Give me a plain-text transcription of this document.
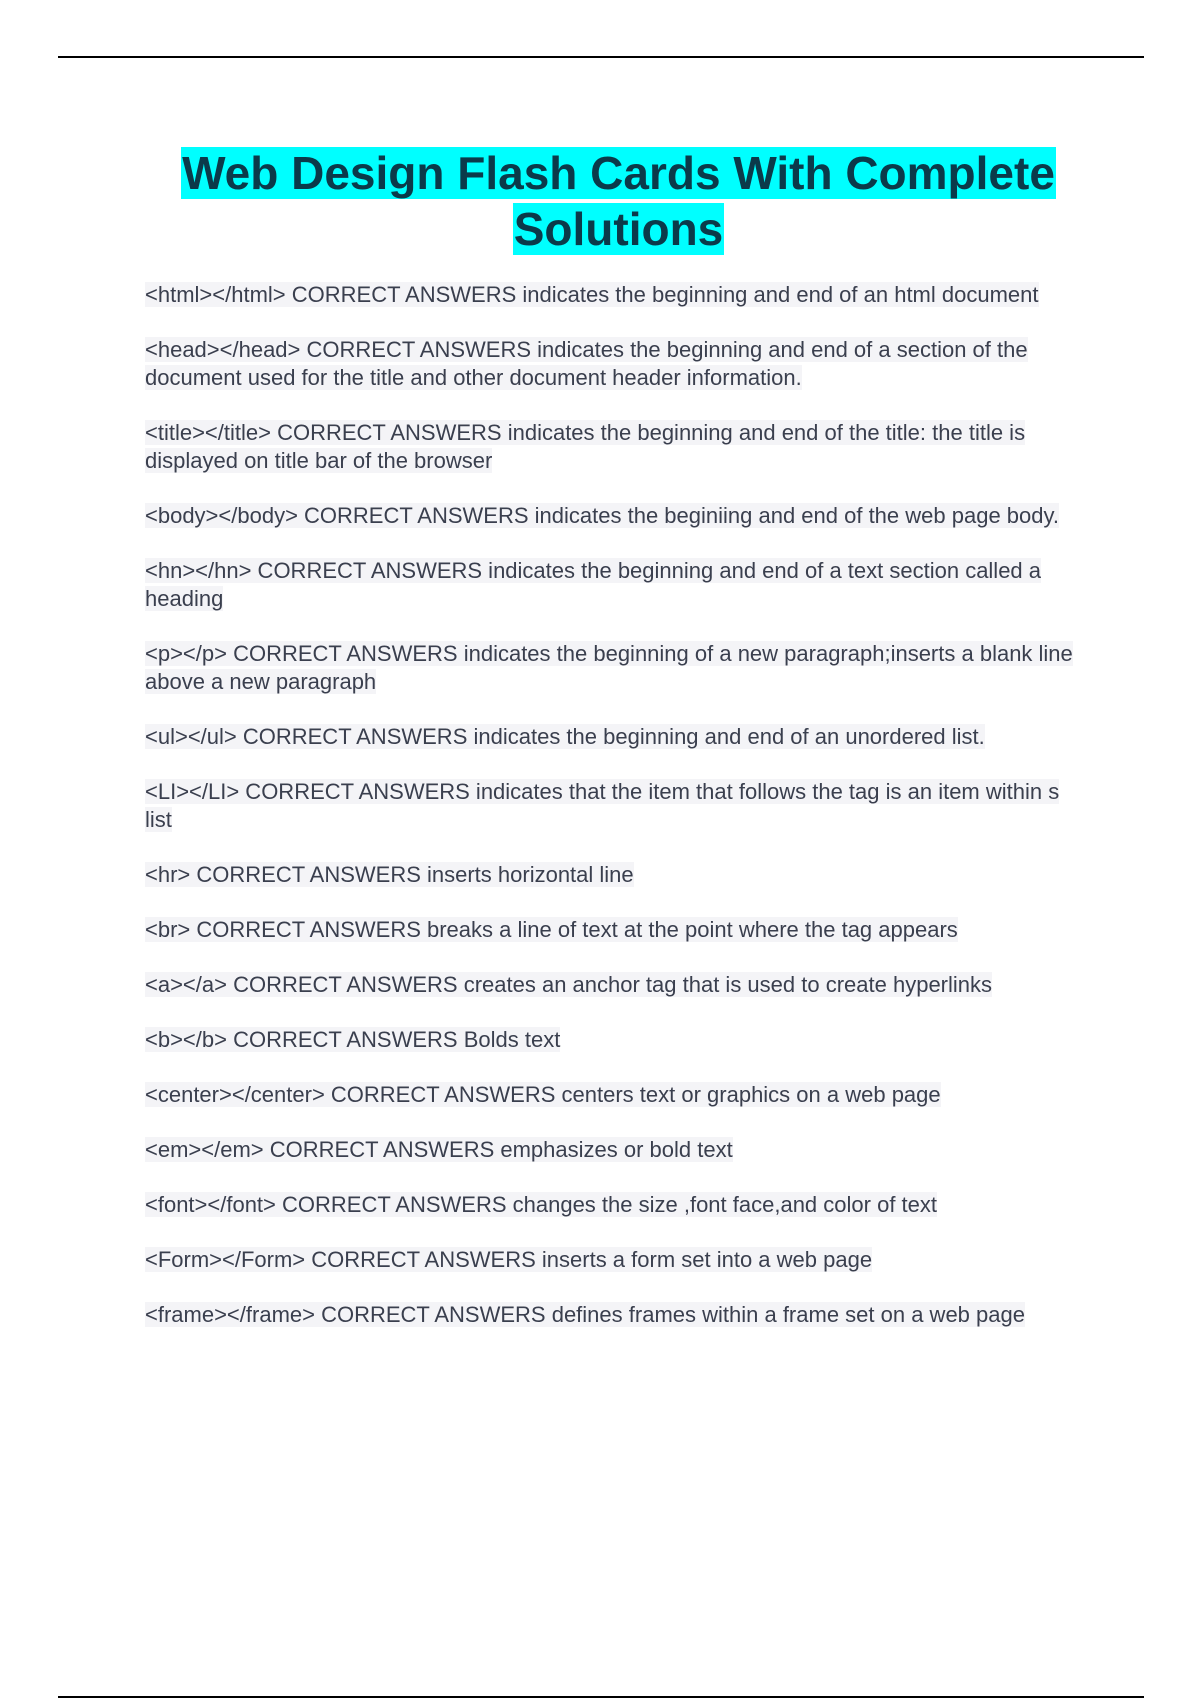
Web Design Flash Cards With Complete Solutions
<html></html> CORRECT ANSWERS indicates the beginning and end of an html document
<head></head> CORRECT ANSWERS indicates the beginning and end of a section of the document used for the title and other document header information.
<title></title> CORRECT ANSWERS indicates the beginning and end of the title: the title is displayed on title bar of the browser
<body></body> CORRECT ANSWERS indicates the beginiing and end of the web page body.
<hn></hn> CORRECT ANSWERS indicates the beginning and end of a text section called a heading
<p></p> CORRECT ANSWERS indicates the beginning of a new paragraph;inserts a blank line above a new paragraph
<ul></ul> CORRECT ANSWERS indicates the beginning and end of an unordered list.
<LI></LI> CORRECT ANSWERS indicates that the item that follows the tag is an item within s list
<hr> CORRECT ANSWERS inserts horizontal line
<br> CORRECT ANSWERS breaks a line of text at the point where the tag appears
<a></a> CORRECT ANSWERS creates an anchor tag that is used to create hyperlinks
<b></b> CORRECT ANSWERS Bolds text
<center></center> CORRECT ANSWERS centers text or graphics on a web page
<em></em> CORRECT ANSWERS emphasizes or bold text
<font></font> CORRECT ANSWERS changes the size ,font face,and color of text
<Form></Form> CORRECT ANSWERS inserts a form set into a web page
<frame></frame> CORRECT ANSWERS defines frames within a frame set on a web page
